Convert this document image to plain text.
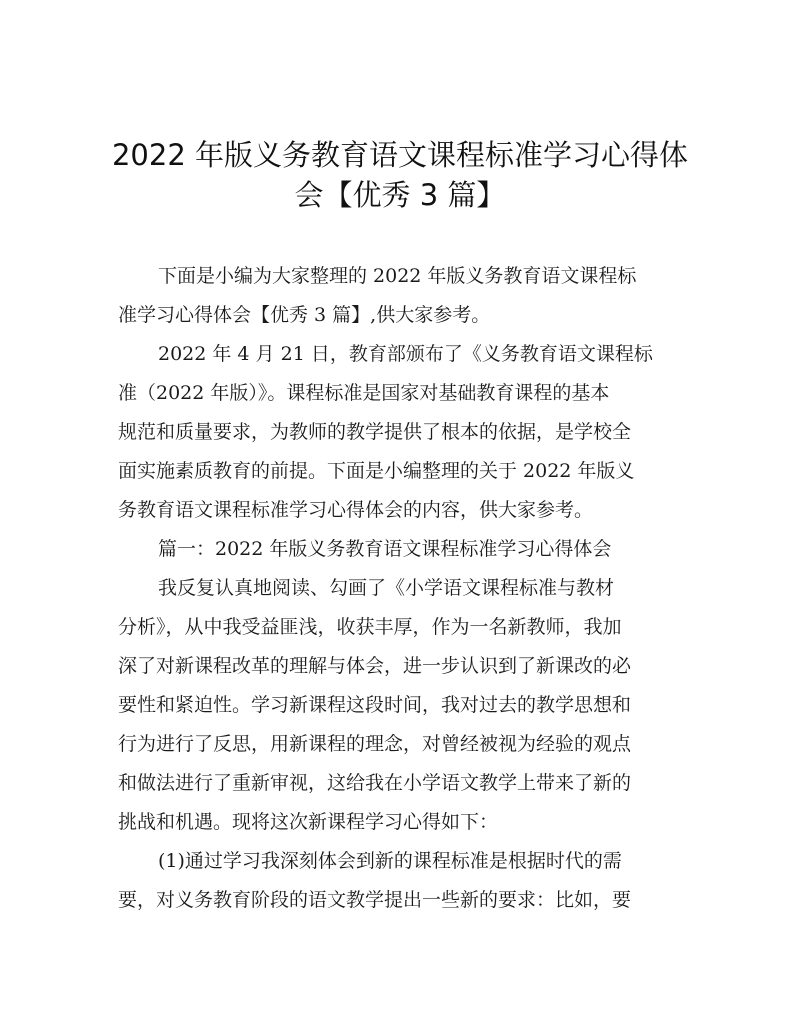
2022 年版义务教育语文课程标准学习心得体
会【优秀 3 篇】
下面是小编为大家整理的 2022 年版义务教育语文课程标
准学习心得体会【优秀 3 篇】,供大家参考。
2022 年 4 月 21 日，教育部颁布了《义务教育语文课程标
准（2022 年版）》。课程标准是国家对基础教育课程的基本
规范和质量要求，为教师的教学提供了根本的依据，是学校全
面实施素质教育的前提。下面是小编整理的关于 2022 年版义
务教育语文课程标准学习心得体会的内容，供大家参考。
篇一：2022 年版义务教育语文课程标准学习心得体会
我反复认真地阅读、勾画了《小学语文课程标准与教材
分析》，从中我受益匪浅，收获丰厚，作为一名新教师，我加
深了对新课程改革的理解与体会，进一步认识到了新课改的必
要性和紧迫性。学习新课程这段时间，我对过去的教学思想和
行为进行了反思，用新课程的理念，对曾经被视为经验的观点
和做法进行了重新审视，这给我在小学语文教学上带来了新的
挑战和机遇。现将这次新课程学习心得如下：
(1)通过学习我深刻体会到新的课程标准是根据时代的需
要，对义务教育阶段的语文教学提出一些新的要求：比如，要
